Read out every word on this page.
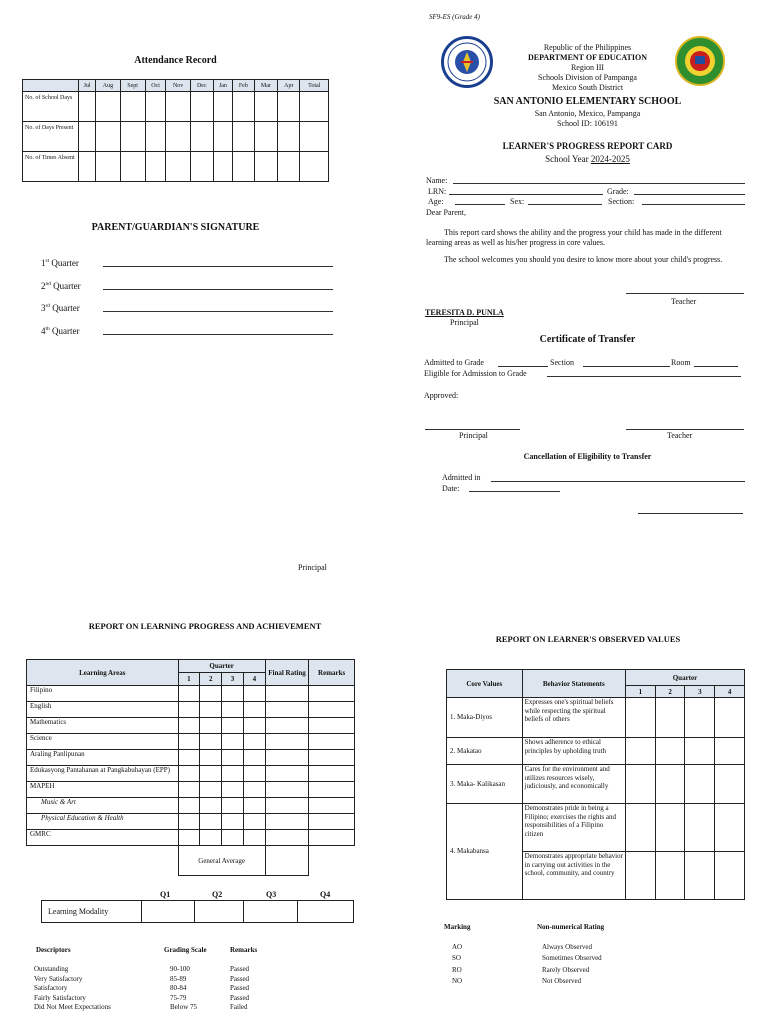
Attendance Record
	Jul	Aug	Sept	Oct	Nov	Dec	Jan	Feb	Mar	Apr	Total
No. of School Days											
No. of Days Present											
No. of Times Absent											
PARENT/GUARDIAN'S SIGNATURE
1st Quarter
2nd Quarter
3rd Quarter
4th Quarter
Principal
SF9-ES (Grade 4)
Republic of the Philippines
DEPARTMENT OF EDUCATION
Region III
Schools Division of Pampanga
Mexico South District
SAN ANTONIO ELEMENTARY SCHOOL
San Antonio, Mexico, Pampanga
School ID: 106191
LEARNER'S PROGRESS REPORT CARD
School Year 2024-2025
Name:
LRN:	Grade:
Age:	Sex:	Section:
Dear Parent,
This report card shows the ability and the progress your child has made in the different learning areas as well as his/her progress in core values.
The school welcomes you should you desire to know more about your child's progress.
Teacher
TERESITA D. PUNLA
Principal
Certificate of Transfer
Admitted to Grade	Section	Room
Eligible for Admission to Grade
Approved:
Principal	Teacher
Cancellation of Eligibility to Transfer
Admitted in
Date:
REPORT ON LEARNING PROGRESS AND ACHIEVEMENT
Learning Areas	Quarter				Final Rating	Remarks
	1	2	3	4		
Filipino						
English						
Mathematics						
Science						
Araling Panlipunan						
Edukasyong Pantahanan at Pangkabuhayan (EPP)						
MAPEH						
Music & Art						
Physical Education & Health						
GMRC						
	General Average					
Q1	Q2	Q3	Q4
Learning Modality				
Descriptors	Grading Scale	Remarks
Outstanding	90-100	Passed
Very Satisfactory	85-89	Passed
Satisfactory	80-84	Passed
Fairly Satisfactory	75-79	Passed
Did Not Meet Expectations	Below 75	Failed
REPORT ON LEARNER'S OBSERVED VALUES
Core Values	Behavior Statements	Quarter			
		1	2	3	4
1. Maka-Diyos	Expresses one's spiritual beliefs while respecting the spiritual beliefs of others				
2. Makatao	Shows adherence to ethical principles by upholding truth				
3. Maka- Kalikasan	Cares for the environment and utilizes resources wisely, judiciously, and economically				
4. Makabansa	Demonstrates pride in being a Filipino; exercises the rights and responsibilities of a Filipino citizen				
	Demonstrates appropriate behavior in carrying out activities in the school, community, and country				
Marking	Non-numerical Rating
AO	Always Observed
SO	Sometimes Observed
RO	Rarely Observed
NO	Not Observed
